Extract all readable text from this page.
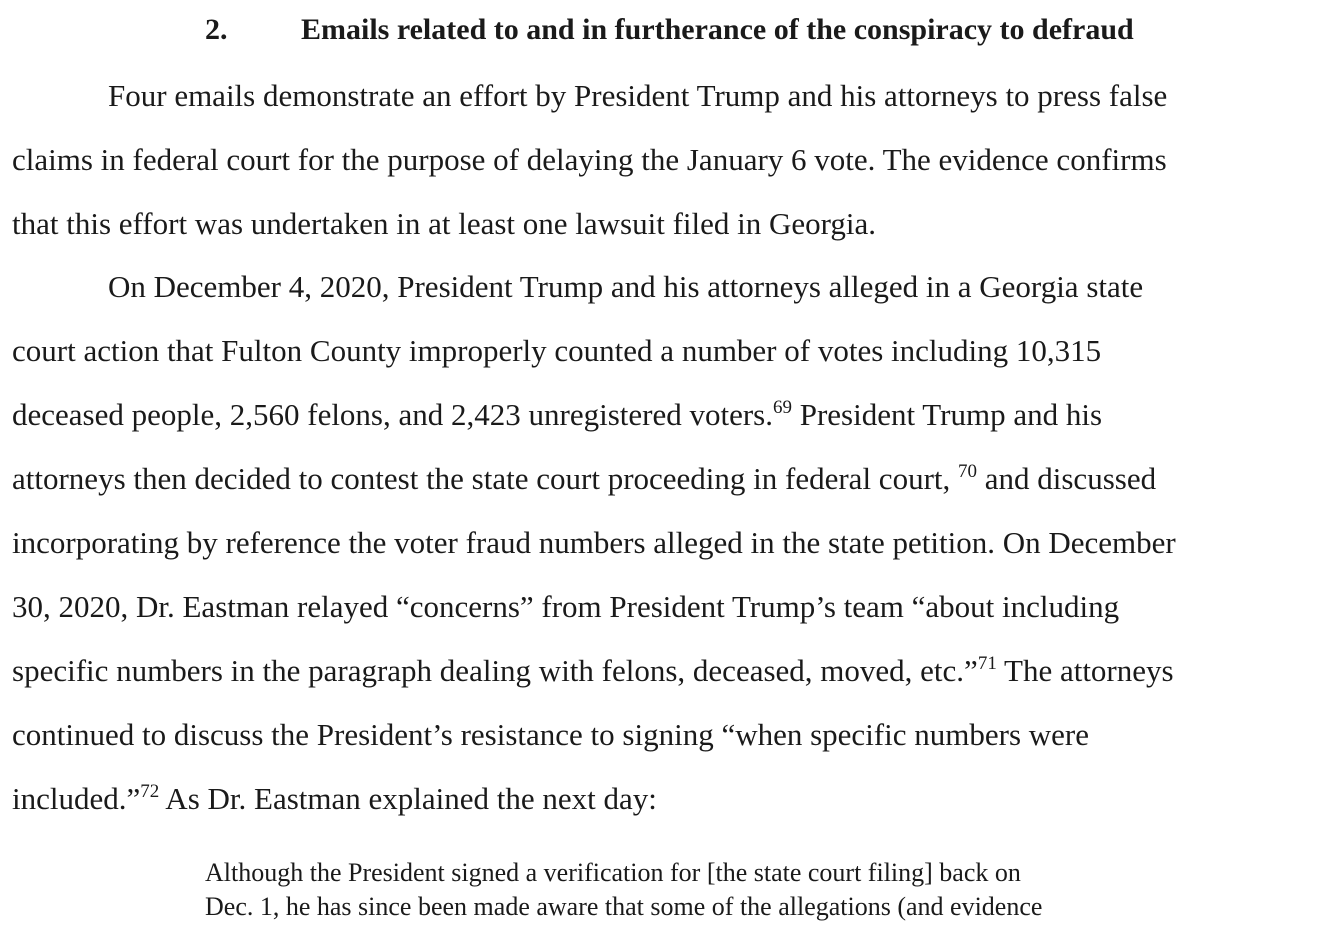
2. Emails related to and in furtherance of the conspiracy to defraud
Four emails demonstrate an effort by President Trump and his attorneys to press false
claims in federal court for the purpose of delaying the January 6 vote. The evidence confirms
that this effort was undertaken in at least one lawsuit filed in Georgia.
On December 4, 2020, President Trump and his attorneys alleged in a Georgia state
court action that Fulton County improperly counted a number of votes including 10,315
deceased people, 2,560 felons, and 2,423 unregistered voters.$^{69}$ President Trump and his
attorneys then decided to contest the state court proceeding in federal court, $^{70}$ and discussed
incorporating by reference the voter fraud numbers alleged in the state petition. On December
30, 2020, Dr. Eastman relayed “concerns” from President Trump’s team “about including
specific numbers in the paragraph dealing with felons, deceased, moved, etc.”$^{71}$ The attorneys
continued to discuss the President’s resistance to signing “when specific numbers were
included.”$^{72}$ As Dr. Eastman explained the next day:
Although the President signed a verification for [the state court filing] back on
Dec. 1, he has since been made aware that some of the allegations (and evidence
